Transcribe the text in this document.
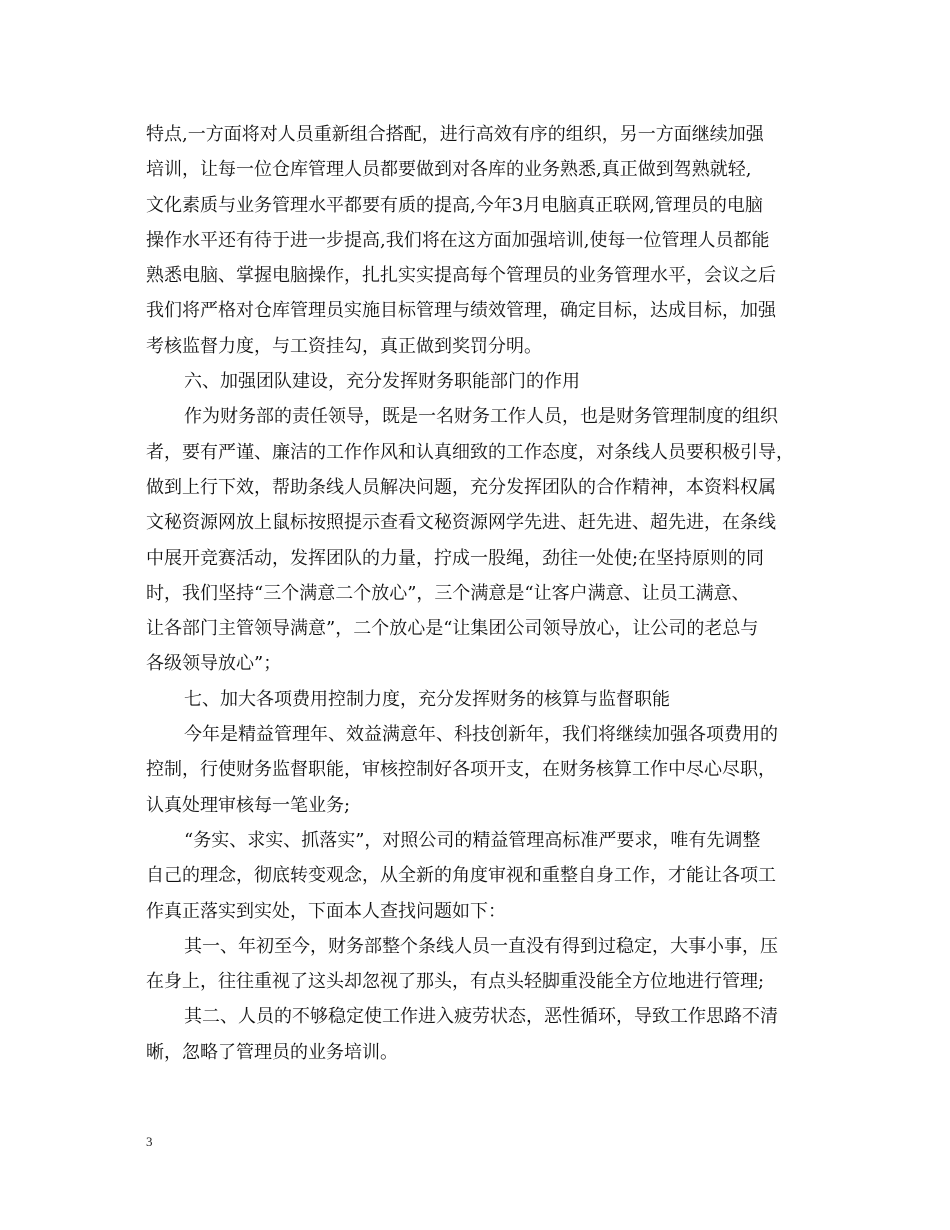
特点,一方面将对人员重新组合搭配，进行高效有序的组织，另一方面继续加强
培训，让每一位仓库管理人员都要做到对各库的业务熟悉,真正做到驾熟就轻,
文化素质与业务管理水平都要有质的提高,今年3月电脑真正联网,管理员的电脑
操作水平还有待于进一步提高,我们将在这方面加强培训,使每一位管理人员都能
熟悉电脑、掌握电脑操作，扎扎实实提高每个管理员的业务管理水平，会议之后
我们将严格对仓库管理员实施目标管理与绩效管理，确定目标，达成目标，加强
考核监督力度，与工资挂勾，真正做到奖罚分明。
六、加强团队建设，充分发挥财务职能部门的作用
作为财务部的责任领导，既是一名财务工作人员，也是财务管理制度的组织
者，要有严谨、廉洁的工作作风和认真细致的工作态度，对条线人员要积极引导，
做到上行下效，帮助条线人员解决问题，充分发挥团队的合作精神，本资料权属
文秘资源网放上鼠标按照提示查看文秘资源网学先进、赶先进、超先进，在条线
中展开竞赛活动，发挥团队的力量，拧成一股绳，劲往一处使;在坚持原则的同
时，我们坚持“三个满意二个放心”，三个满意是“让客户满意、让员工满意、
让各部门主管领导满意”，二个放心是“让集团公司领导放心，让公司的老总与
各级领导放心”；
七、加大各项费用控制力度，充分发挥财务的核算与监督职能
今年是精益管理年、效益满意年、科技创新年，我们将继续加强各项费用的
控制，行使财务监督职能，审核控制好各项开支，在财务核算工作中尽心尽职，
认真处理审核每一笔业务;
“务实、求实、抓落实”，对照公司的精益管理高标准严要求，唯有先调整
自己的理念，彻底转变观念，从全新的角度审视和重整自身工作，才能让各项工
作真正落实到实处，下面本人查找问题如下：
其一、年初至今，财务部整个条线人员一直没有得到过稳定，大事小事，压
在身上，往往重视了这头却忽视了那头，有点头轻脚重没能全方位地进行管理;
其二、人员的不够稳定使工作进入疲劳状态，恶性循环，导致工作思路不清
晰，忽略了管理员的业务培训。
3
